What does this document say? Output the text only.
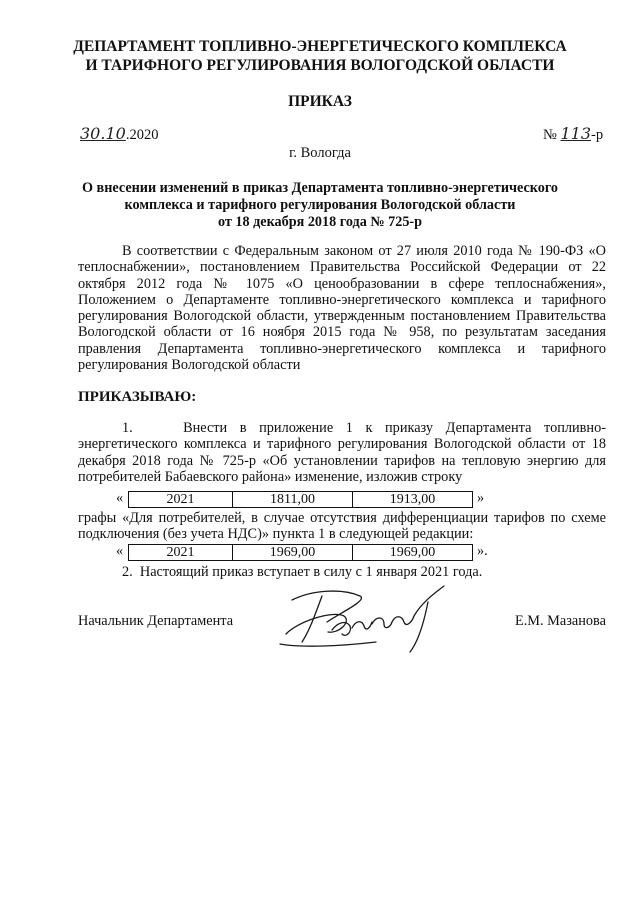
ДЕПАРТАМЕНТ ТОПЛИВНО-ЭНЕРГЕТИЧЕСКОГО КОМПЛЕКСА
И ТАРИФНОГО РЕГУЛИРОВАНИЯ ВОЛОГОДСКОЙ ОБЛАСТИ
ПРИКАЗ
30.10.2020	№ 113-р
г. Вологда
О внесении изменений в приказ Департамента топливно-энергетического
комплекса и тарифного регулирования Вологодской области
от 18 декабря 2018 года № 725-р
В соответствии с Федеральным законом от 27 июля 2010 года № 190-ФЗ «О теплоснабжении», постановлением Правительства Российской Федерации от 22 октября 2012 года № 1075 «О ценообразовании в сфере теплоснабжения», Положением о Департаменте топливно-энергетического комплекса и тарифного регулирования Вологодской области, утвержденным постановлением Правительства Вологодской области от 16 ноября 2015 года № 958, по результатам заседания правления Департамента топливно-энергетического комплекса и тарифного регулирования Вологодской области
ПРИКАЗЫВАЮ:
1.    Внести в приложение 1 к приказу Департамента топливно-энергетического комплекса и тарифного регулирования Вологодской области от 18 декабря 2018 года № 725-р «Об установлении тарифов на тепловую энергию для потребителей Бабаевского района» изменение, изложив строку
«	2021	1811,00	1913,00	»
графы «Для потребителей, в случае отсутствия дифференциации тарифов по схеме подключения (без учета НДС)» пункта 1 в следующей редакции:
«	2021	1969,00	1969,00	».
2.  Настоящий приказ вступает в силу с 1 января 2021 года.
Начальник Департамента	Е.М. Мазанова
